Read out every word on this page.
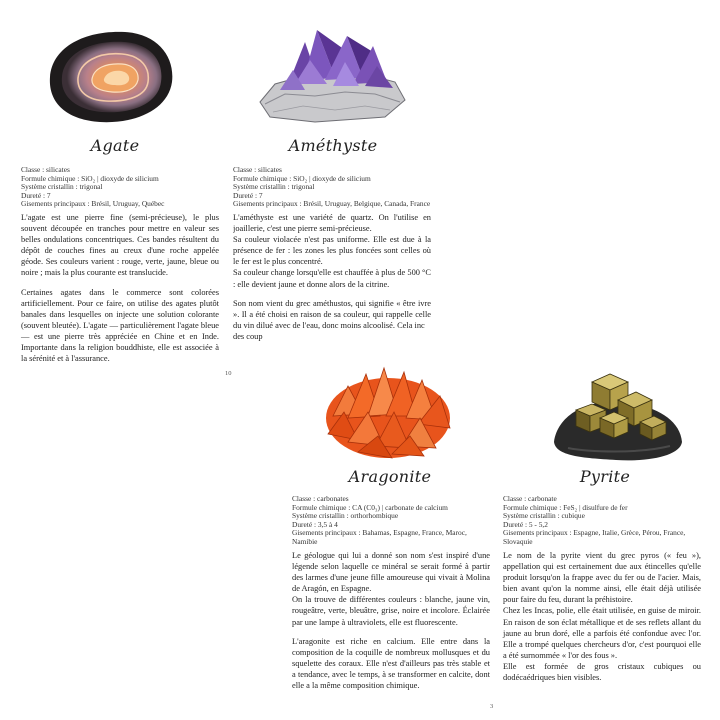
Agate
Classe : silicates
Formule chimique : SiO₂ | dioxyde de silicium
Système cristallin : trigonal
Dureté : 7
Gisements principaux : Brésil, Uruguay, Québec

L'agate est une pierre fine (semi-précieuse), le plus souvent découpée en tranches pour mettre en valeur ses belles ondulations concentriques. Ces bandes résultent du dépôt de couches fines au creux d'une roche appelée géode. Ses couleurs varient : rouge, verte, jaune, bleue ou noire ; mais la plus courante est translucide.

Certaines agates dans le commerce sont colorées artificiellement. Pour ce faire, on utilise des agates plutôt banales dans lesquelles on injecte une solution colorante (souvent bleutée). L'agate — particulièrement l'agate bleue — est une pierre très appréciée en Chine et en Inde. Importante dans la religion bouddhiste, elle est associée à la sérénité et à l'assurance.

Améthyste
Classe : silicates
Formule chimique : SiO₂ | dioxyde de silicium
Système cristallin : trigonal
Dureté : 7
Gisements principaux : Brésil, Uruguay, Belgique, Canada, France

L'améthyste est une variété de quartz. On l'utilise en joaillerie, c'est une pierre semi-précieuse.

Sa couleur violacée n'est pas uniforme. Elle est due à la présence de fer : les zones les plus foncées sont celles où le fer est le plus concentré.

Sa couleur change lorsqu'elle est chauffée à plus de 500 °C : elle devient jaune et donne alors de la citrine.

Son nom vient du grec améthustos, qui signifie « être ivre ». Il a été choisi en raison de sa couleur, qui rappelle celle du vin dilué avec de l'eau, donc moins alcoolisé. Cela inc

des coup

10
Aragonite
Classe : carbonates
Formule chimique : CA (C0₃) | carbonate de calcium
Système cristallin : orthorhombique
Dureté : 3,5 à 4
Gisements principaux : Bahamas, Espagne, France, Maroc,
Namibie

Le géologue qui lui a donné son nom s'est inspiré d'une légende selon laquelle ce minéral se serait formé à partir des larmes d'une jeune fille amoureuse qui vivait à Molina de Aragón, en Espagne.

On la trouve de différentes couleurs : blanche, jaune vin, rougeâtre, verte, bleuâtre, grise, noire et incolore. Éclairée par une lampe à ultraviolets, elle est fluorescente.

L'aragonite est riche en calcium. Elle entre dans la composition de la coquille de nombreux mollusques et du squelette des coraux. Elle n'est d'ailleurs pas très stable et a tendance, avec le temps, à se transformer en calcite, dont elle a la même composition chimique.

Pyrite
Classe : carbonate
Formule chimique : FeS₂ | disulfure de fer
Système cristallin : cubique
Dureté : 5 - 5,2
Gisements principaux : Espagne, Italie, Grèce, Pérou, France,
Slovaquie

Le nom de la pyrite vient du grec pyros (« feu »), appellation qui est certainement due aux étincelles qu'elle produit lorsqu'on la frappe avec du fer ou de l'acier. Mais, bien avant qu'on la nomme ainsi, elle était déjà utilisée pour faire du feu, durant la préhistoire.

Chez les Incas, polie, elle était utilisée, en guise de miroir. En raison de son éclat métallique et de ses reflets allant du jaune au brun doré, elle a parfois été confondue avec l'or. Elle a trompé quelques chercheurs d'or, c'est pourquoi elle a été surnommée « l'or des fous ».

Elle est formée de gros cristaux cubiques ou dodécaédriques bien visibles.

3
